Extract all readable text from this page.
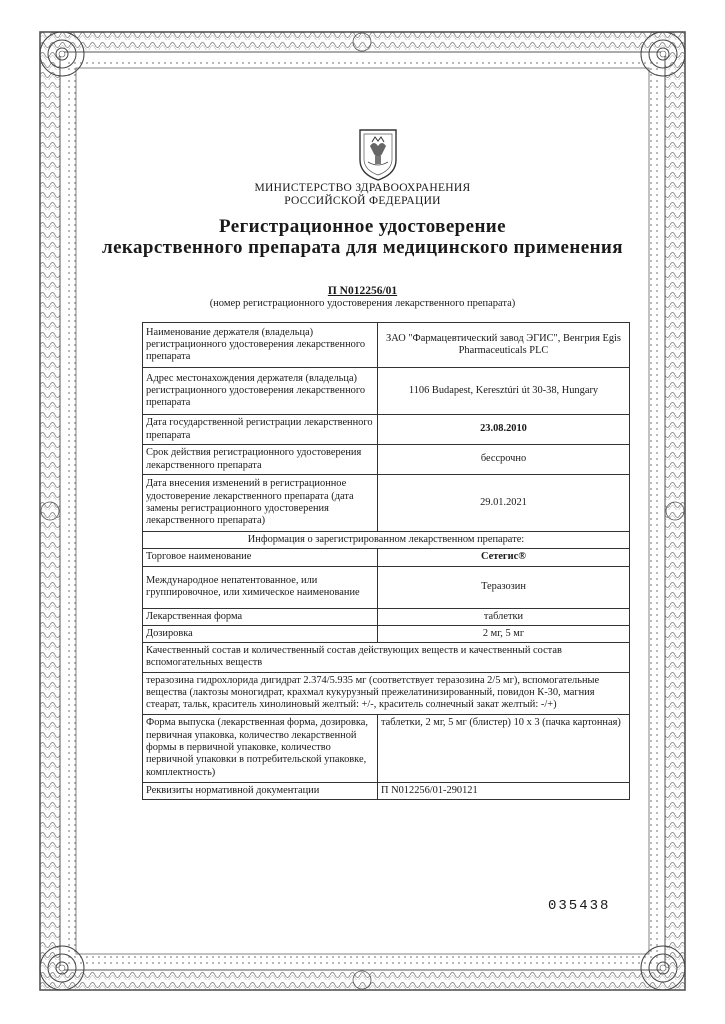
МИНИСТЕРСТВО ЗДРАВООХРАНЕНИЯ
РОССИЙСКОЙ ФЕДЕРАЦИИ
Регистрационное удостоверение
лекарственного препарата для медицинского применения
П N012256/01
(номер регистрационного удостоверения лекарственного препарата)
Наименование держателя (владельца) регистрационного удостоверения лекарственного препарата	ЗАО "Фармацевтический завод ЭГИС", Венгрия Egis Pharmaceuticals PLC
Адрес местонахождения держателя (владельца) регистрационного удостоверения лекарственного препарата	1106 Budapest, Keresztúri út 30-38, Hungary
Дата государственной регистрации лекарственного препарата	23.08.2010
Срок действия регистрационного удостоверения лекарственного препарата	бессрочно
Дата внесения изменений в регистрационное удостоверение лекарственного препарата (дата замены регистрационного удостоверения лекарственного препарата)	29.01.2021
Информация о зарегистрированном лекарственном препарате:	
Торговое наименование	Сетегис®
Международное непатентованное, или группировочное, или химическое наименование	Теразозин
Лекарственная форма	таблетки
Дозировка	2 мг, 5 мг
Качественный состав и количественный состав действующих веществ и качественный состав вспомогательных веществ	
теразозина гидрохлорида дигидрат 2.374/5.935 мг (соответствует теразозина 2/5 мг), вспомогательные вещества (лактозы моногидрат, крахмал кукурузный прежелатинизированный, повидон К-30, магния стеарат, тальк, краситель хинолиновый желтый: +/-, краситель солнечный закат желтый: -/+)	
Форма выпуска (лекарственная форма, дозировка, первичная упаковка, количество лекарственной формы в первичной упаковке, количество первичной упаковки в потребительской упаковке, комплектность)	таблетки, 2 мг, 5 мг (блистер) 10 х 3 (пачка картонная)
Реквизиты нормативной документации	П N012256/01-290121
035438
